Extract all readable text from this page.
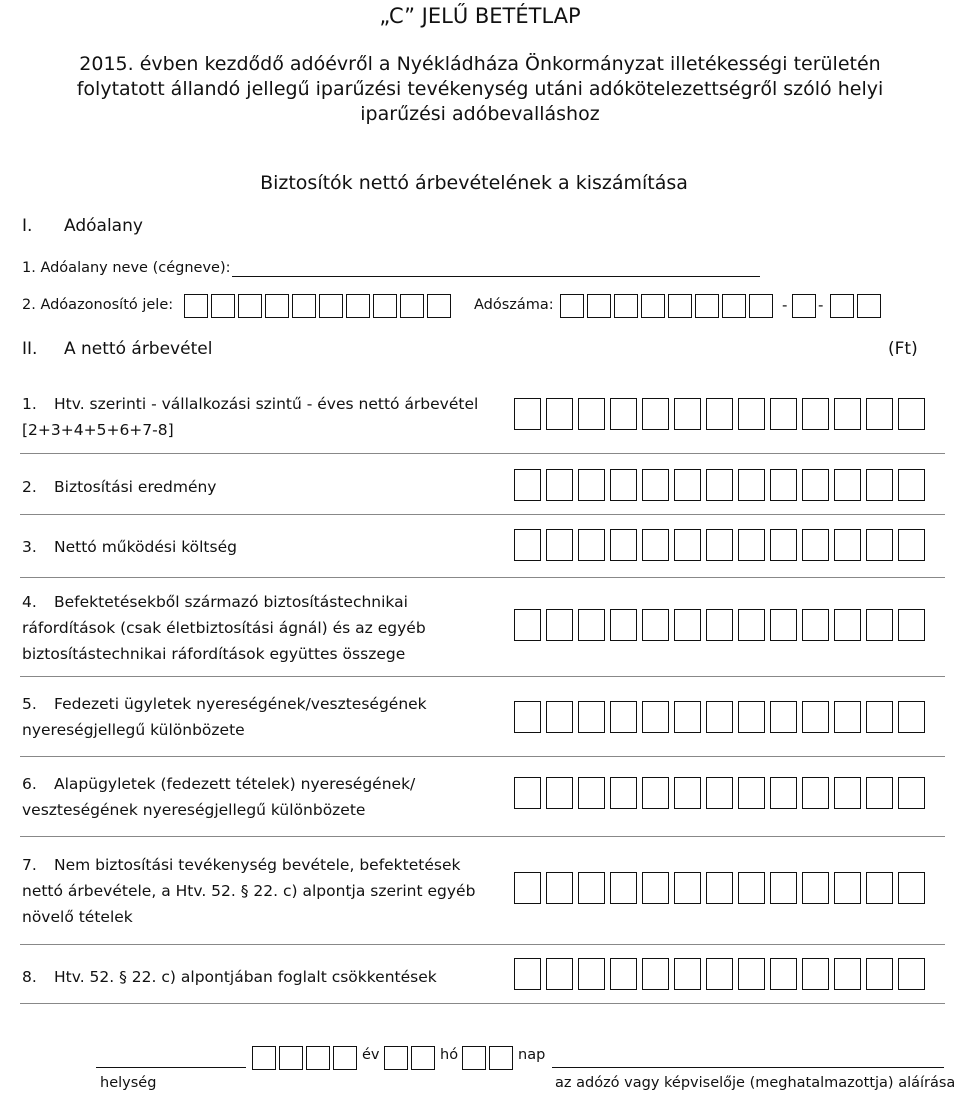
„C” JELŰ BETÉTLAP
2015. évben kezdődő adóévről a Nyékládháza Önkormányzat illetékességi területén folytatott állandó jellegű iparűzési tevékenység utáni adókötelezettségről szóló helyi iparűzési adóbevalláshoz
Biztosítók nettó árbevételének a kiszámítása
I. Adóalany
1. Adóalany neve (cégneve):
2. Adóazonosító jele:	Adószáma:	- -
II. A nettó árbevétel	(Ft)
1. Htv. szerinti - vállalkozási szintű - éves nettó árbevétel [2+3+4+5+6+7-8]
2. Biztosítási eredmény
3. Nettó működési költség
4. Befektetésekből származó biztosítástechnikai ráfordítások (csak életbiztosítási ágnál) és az egyéb biztosítástechnikai ráfordítások együttes összege
5. Fedezeti ügyletek nyereségének/veszteségének nyereségjellegű különbözete
6. Alapügyletek (fedezett tételek) nyereségének/ veszteségének nyereségjellegű különbözete
7. Nem biztosítási tevékenység bevétele, befektetések nettó árbevétele, a Htv. 52. § 22. c) alpontja szerint egyéb növelő tételek
8. Htv. 52. § 22. c) alpontjában foglalt csökkentések
év	hó	nap
helység	az adózó vagy képviselője (meghatalmazottja) aláírása
